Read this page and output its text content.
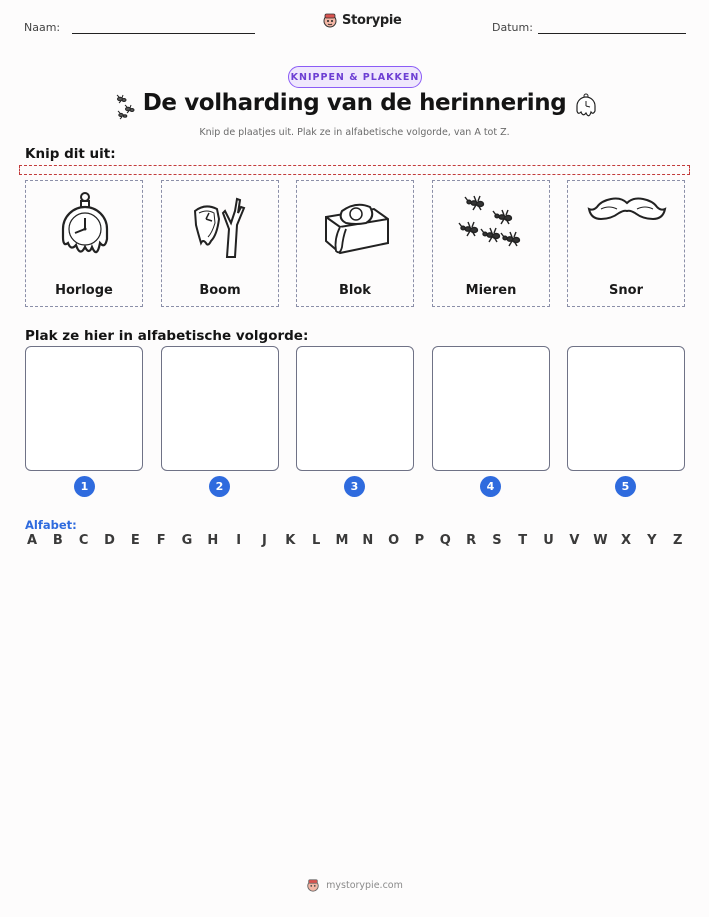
Naam:	Storypie	Datum:
KNIPPEN & PLAKKEN
De volharding van de herinnering
Knip de plaatjes uit. Plak ze in alfabetische volgorde, van A tot Z.
Knip dit uit:
Horloge	Boom	Blok	Mieren	Snor
Plak ze hier in alfabetische volgorde:
1	2	3	4	5
Alfabet:
A B C D E F G H	I	J	K L M N O P Q R S T U V W X Y Z
mystorypie.com
